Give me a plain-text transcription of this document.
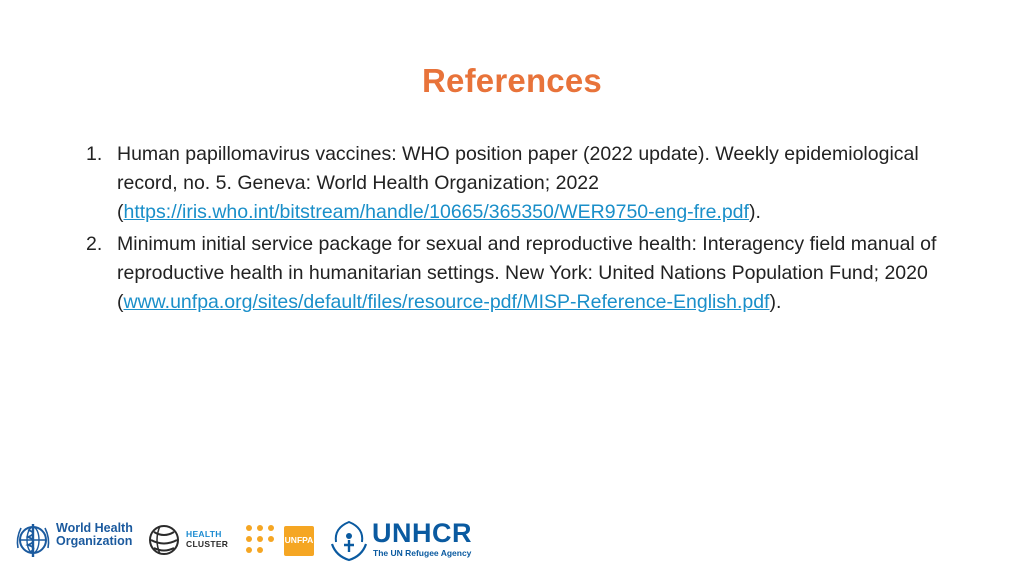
References
1. Human papillomavirus vaccines: WHO position paper (2022 update). Weekly epidemiological record, no. 5. Geneva: World Health Organization; 2022 (https://iris.who.int/bitstream/handle/10665/365350/WER9750-eng-fre.pdf).
2. Minimum initial service package for sexual and reproductive health: Interagency field manual of reproductive health in humanitarian settings. New York: United Nations Population Fund; 2020 (www.unfpa.org/sites/default/files/resource-pdf/MISP-Reference-English.pdf).
World Health
Organization	HEALTH
CLUSTER	UNFPA UNHCR
The UN Refugee Agency
